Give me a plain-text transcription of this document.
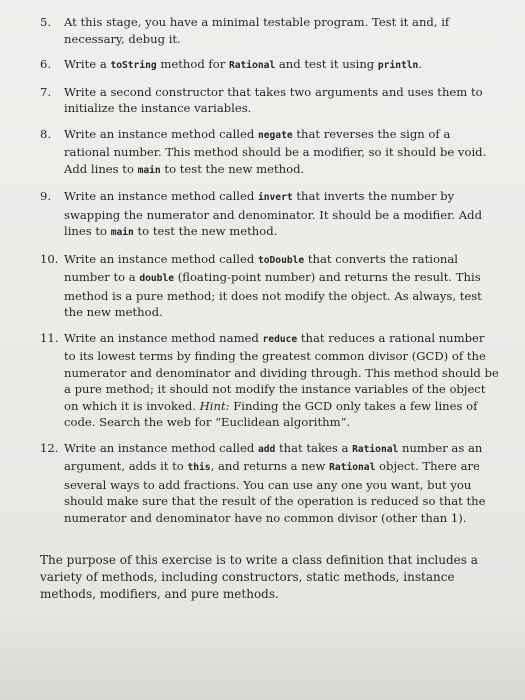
5. At this stage, you have a minimal testable program. Test it and, if necessary, debug it.
6. Write a toString method for Rational and test it using println.
7. Write a second constructor that takes two arguments and uses them to initialize the instance variables.
8. Write an instance method called negate that reverses the sign of a rational number. This method should be a modifier, so it should be void. Add lines to main to test the new method.
9. Write an instance method called invert that inverts the number by swapping the numerator and denominator. It should be a modifier. Add lines to main to test the new method.
10. Write an instance method called toDouble that converts the rational number to a double (floating-point number) and returns the result. This method is a pure method; it does not modify the object. As always, test the new method.
11. Write an instance method named reduce that reduces a rational number to its lowest terms by finding the greatest common divisor (GCD) of the numerator and denominator and dividing through. This method should be a pure method; it should not modify the instance variables of the object on which it is invoked. Hint: Finding the GCD only takes a few lines of code. Search the web for “Euclidean algorithm”.
12. Write an instance method called add that takes a Rational number as an argument, adds it to this, and returns a new Rational object. There are several ways to add fractions. You can use any one you want, but you should make sure that the result of the operation is reduced so that the numerator and denominator have no common divisor (other than 1).

The purpose of this exercise is to write a class definition that includes a variety of methods, including constructors, static methods, instance methods, modifiers, and pure methods.
